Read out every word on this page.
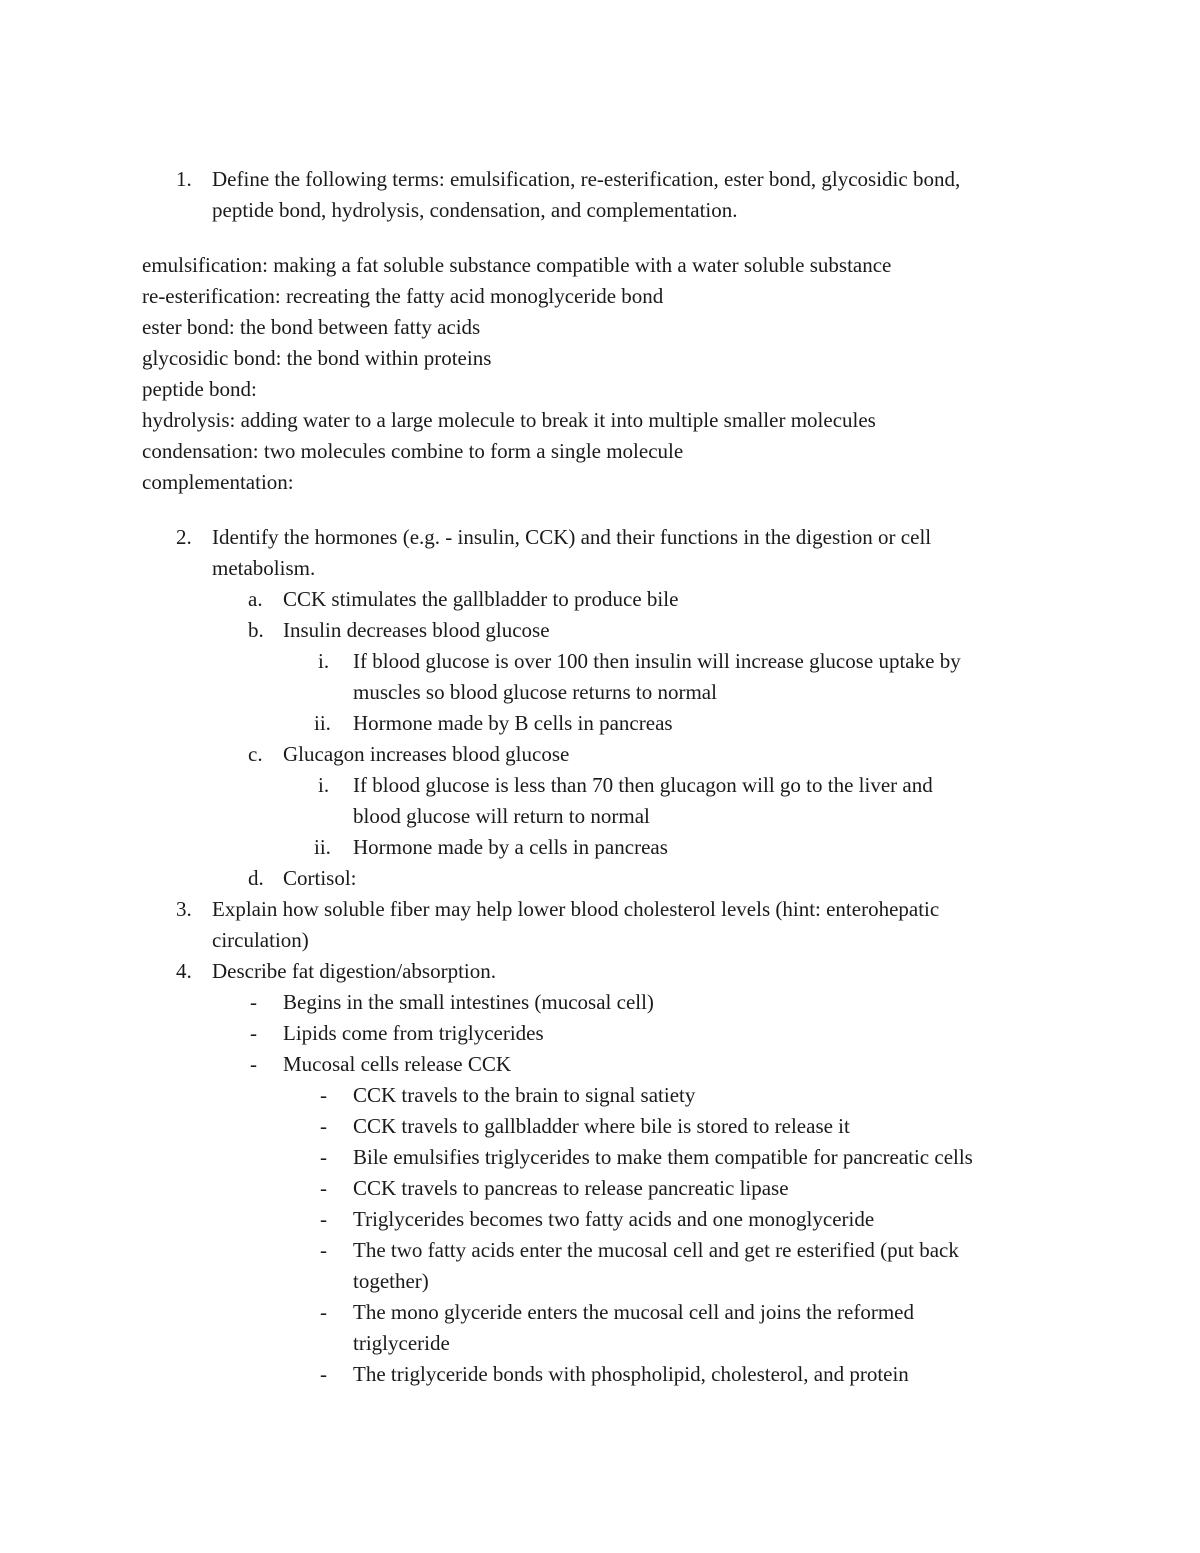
1. Define the following terms: emulsification, re-esterification, ester bond, glycosidic bond,
peptide bond, hydrolysis, condensation, and complementation.
emulsification: making a fat soluble substance compatible with a water soluble substance
re-esterification: recreating the fatty acid monoglyceride bond
ester bond: the bond between fatty acids
glycosidic bond: the bond within proteins
peptide bond:
hydrolysis: adding water to a large molecule to break it into multiple smaller molecules
condensation: two molecules combine to form a single molecule
complementation:
2. Identify the hormones (e.g. - insulin, CCK) and their functions in the digestion or cell
metabolism.
a. CCK stimulates the gallbladder to produce bile
b. Insulin decreases blood glucose
i. If blood glucose is over 100 then insulin will increase glucose uptake by
muscles so blood glucose returns to normal
ii. Hormone made by B cells in pancreas
c. Glucagon increases blood glucose
i. If blood glucose is less than 70 then glucagon will go to the liver and
blood glucose will return to normal
ii. Hormone made by a cells in pancreas
d. Cortisol:
3. Explain how soluble fiber may help lower blood cholesterol levels (hint: enterohepatic
circulation)
4. Describe fat digestion/absorption.
- Begins in the small intestines (mucosal cell)
- Lipids come from triglycerides
- Mucosal cells release CCK
- CCK travels to the brain to signal satiety
- CCK travels to gallbladder where bile is stored to release it
- Bile emulsifies triglycerides to make them compatible for pancreatic cells
- CCK travels to pancreas to release pancreatic lipase
- Triglycerides becomes two fatty acids and one monoglyceride
- The two fatty acids enter the mucosal cell and get re esterified (put back
together)
- The mono glyceride enters the mucosal cell and joins the reformed
triglyceride
- The triglyceride bonds with phospholipid, cholesterol, and protein
